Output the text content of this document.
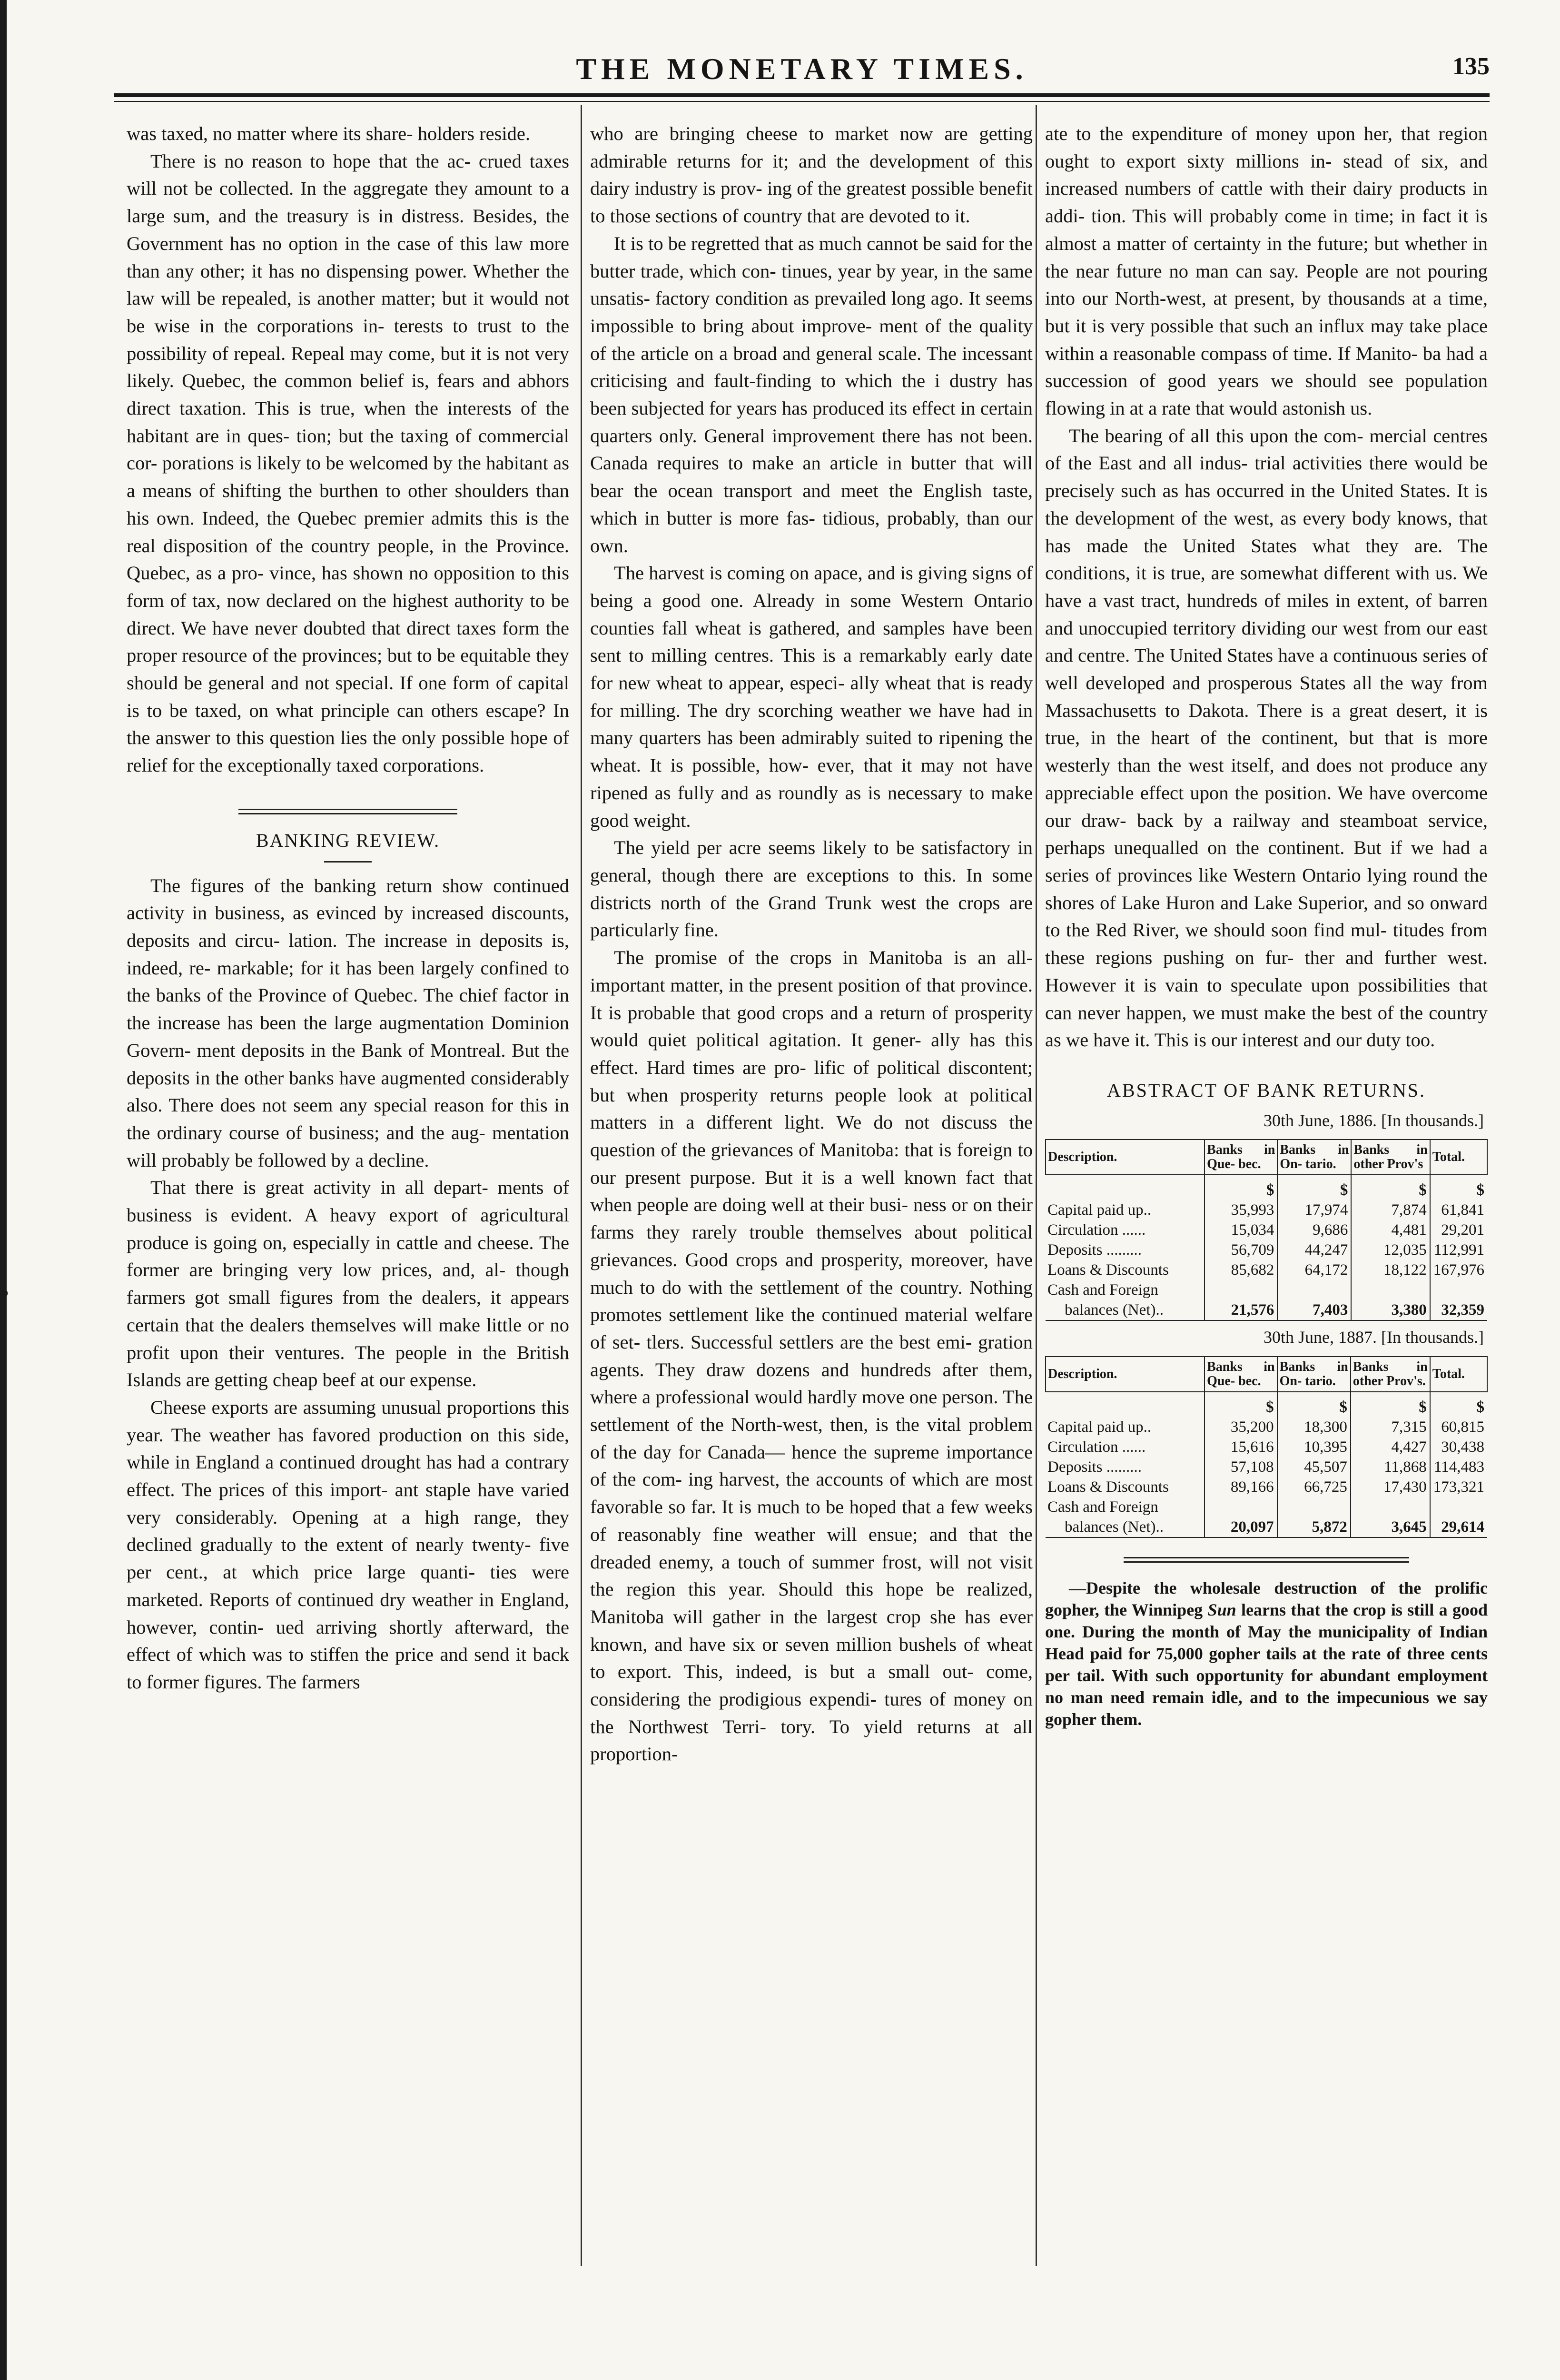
THE MONETARY TIMES.	135

was taxed, no matter where its share- holders reside.

There is no reason to hope that the ac- crued taxes will not be collected. In the aggregate they amount to a large sum, and the treasury is in distress. Besides, the Government has no option in the case of this law more than any other; it has no dispensing power. Whether the law will be repealed, is another matter; but it would not be wise in the corporations in- terests to trust to the possibility of repeal. Repeal may come, but it is not very likely. Quebec, the common belief is, fears and abhors direct taxation. This is true, when the interests of the habitant are in ques- tion; but the taxing of commercial cor- porations is likely to be welcomed by the habitant as a means of shifting the burthen to other shoulders than his own. Indeed, the Quebec premier admits this is the real disposition of the country people, in the Province. Quebec, as a pro- vince, has shown no opposition to this form of tax, now declared on the highest authority to be direct. We have never doubted that direct taxes form the proper resource of the provinces; but to be equitable they should be general and not special. If one form of capital is to be taxed, on what principle can others escape? In the answer to this question lies the only possible hope of relief for the exceptionally taxed corporations.

BANKING REVIEW.

The figures of the banking return show continued activity in business, as evinced by increased discounts, deposits and circu- lation. The increase in deposits is, indeed, re- markable; for it has been largely confined to the banks of the Province of Quebec. The chief factor in the increase has been the large augmentation Dominion Govern- ment deposits in the Bank of Montreal. But the deposits in the other banks have augmented considerably also. There does not seem any special reason for this in the ordinary course of business; and the aug- mentation will probably be followed by a decline.

That there is great activity in all depart- ments of business is evident. A heavy export of agricultural produce is going on, especially in cattle and cheese. The former are bringing very low prices, and, al- though farmers got small figures from the dealers, it appears certain that the dealers themselves will make little or no profit upon their ventures. The people in the British Islands are getting cheap beef at our expense.

Cheese exports are assuming unusual proportions this year. The weather has favored production on this side, while in England a continued drought has had a contrary effect. The prices of this import- ant staple have varied very considerably. Opening at a high range, they declined gradually to the extent of nearly twenty- five per cent., at which price large quanti- ties were marketed. Reports of continued dry weather in England, however, contin- ued arriving shortly afterward, the effect of which was to stiffen the price and send it back to former figures. The farmers

who are bringing cheese to market now are getting admirable returns for it; and the development of this dairy industry is prov- ing of the greatest possible benefit to those sections of country that are devoted to it.

It is to be regretted that as much cannot be said for the butter trade, which con- tinues, year by year, in the same unsatis- factory condition as prevailed long ago. It seems impossible to bring about improve- ment of the quality of the article on a broad and general scale. The incessant criticising and fault-finding to which the i dustry has been subjected for years has produced its effect in certain quarters only. General improvement there has not been. Canada requires to make an article in butter that will bear the ocean transport and meet the English taste, which in butter is more fas- tidious, probably, than our own.

The harvest is coming on apace, and is giving signs of being a good one. Already in some Western Ontario counties fall wheat is gathered, and samples have been sent to milling centres. This is a remarkably early date for new wheat to appear, especi- ally wheat that is ready for milling. The dry scorching weather we have had in many quarters has been admirably suited to ripening the wheat. It is possible, how- ever, that it may not have ripened as fully and as roundly as is necessary to make good weight.

The yield per acre seems likely to be satisfactory in general, though there are exceptions to this. In some districts north of the Grand Trunk west the crops are particularly fine.

The promise of the crops in Manitoba is an all-important matter, in the present position of that province. It is probable that good crops and a return of prosperity would quiet political agitation. It gener- ally has this effect. Hard times are pro- lific of political discontent; but when prosperity returns people look at political matters in a different light. We do not discuss the question of the grievances of Manitoba: that is foreign to our present purpose. But it is a well known fact that when people are doing well at their busi- ness or on their farms they rarely trouble themselves about political grievances. Good crops and prosperity, moreover, have much to do with the settlement of the country. Nothing promotes settlement like the continued material welfare of set- tlers. Successful settlers are the best emi- gration agents. They draw dozens and hundreds after them, where a professional would hardly move one person. The settlement of the North-west, then, is the vital problem of the day for Canada— hence the supreme importance of the com- ing harvest, the accounts of which are most favorable so far. It is much to be hoped that a few weeks of reasonably fine weather will ensue; and that the dreaded enemy, a touch of summer frost, will not visit the region this year. Should this hope be realized, Manitoba will gather in the largest crop she has ever known, and have six or seven million bushels of wheat to export. This, indeed, is but a small out- come, considering the prodigious expendi- tures of money on the Northwest Terri- tory. To yield returns at all proportion-

ate to the expenditure of money upon her, that region ought to export sixty millions in- stead of six, and increased numbers of cattle with their dairy products in addi- tion. This will probably come in time; in fact it is almost a matter of certainty in the future; but whether in the near future no man can say. People are not pouring into our North-west, at present, by thousands at a time, but it is very possible that such an influx may take place within a reasonable compass of time. If Manito- ba had a succession of good years we should see population flowing in at a rate that would astonish us.

The bearing of all this upon the com- mercial centres of the East and all indus- trial activities there would be precisely such as has occurred in the United States. It is the development of the west, as every body knows, that has made the United States what they are. The conditions, it is true, are somewhat different with us. We have a vast tract, hundreds of miles in extent, of barren and unoccupied territory dividing our west from our east and centre. The United States have a continuous series of well developed and prosperous States all the way from Massachusetts to Dakota. There is a great desert, it is true, in the heart of the continent, but that is more westerly than the west itself, and does not produce any appreciable effect upon the position. We have overcome our draw- back by a railway and steamboat service, perhaps unequalled on the continent. But if we had a series of provinces like Western Ontario lying round the shores of Lake Huron and Lake Superior, and so onward to the Red River, we should soon find mul- titudes from these regions pushing on fur- ther and further west. However it is vain to speculate upon possibilities that can never happen, we must make the best of the country as we have it. This is our interest and our duty too.

ABSTRACT OF BANK RETURNS.
30th June, 1886. [In thousands.]
Description.	Banks in Que- bec.	Banks in On- tario.	Banks in other Prov's	Total.
	$	$	$	$
Capital paid up..	35,993	17,974	7,874	61,841
Circulation ......	15,034	9,686	4,481	29,201
Deposits .........	56,709	44,247	12,035	112,991
Loans & Discounts	85,682	64,172	18,122	167,976
Cash and Foreign				
balances (Net)..	21,576	7,403	3,380	32,359
30th June, 1887. [In thousands.]
Description.	Banks in Que- bec.	Banks in On- tario.	Banks in other Prov's.	Total.
	$	$	$	$
Capital paid up..	35,200	18,300	7,315	60,815
Circulation ......	15,616	10,395	4,427	30,438
Deposits .........	57,108	45,507	11,868	114,483
Loans & Discounts	89,166	66,725	17,430	173,321
Cash and Foreign				
balances (Net)..	20,097	5,872	3,645	29,614

—Despite the wholesale destruction of the prolific gopher, the Winnipeg Sun learns that the crop is still a good one. During the month of May the municipality of Indian Head paid for 75,000 gopher tails at the rate of three cents per tail. With such opportunity for abundant employment no man need remain idle, and to the impecunious we say gopher them.
